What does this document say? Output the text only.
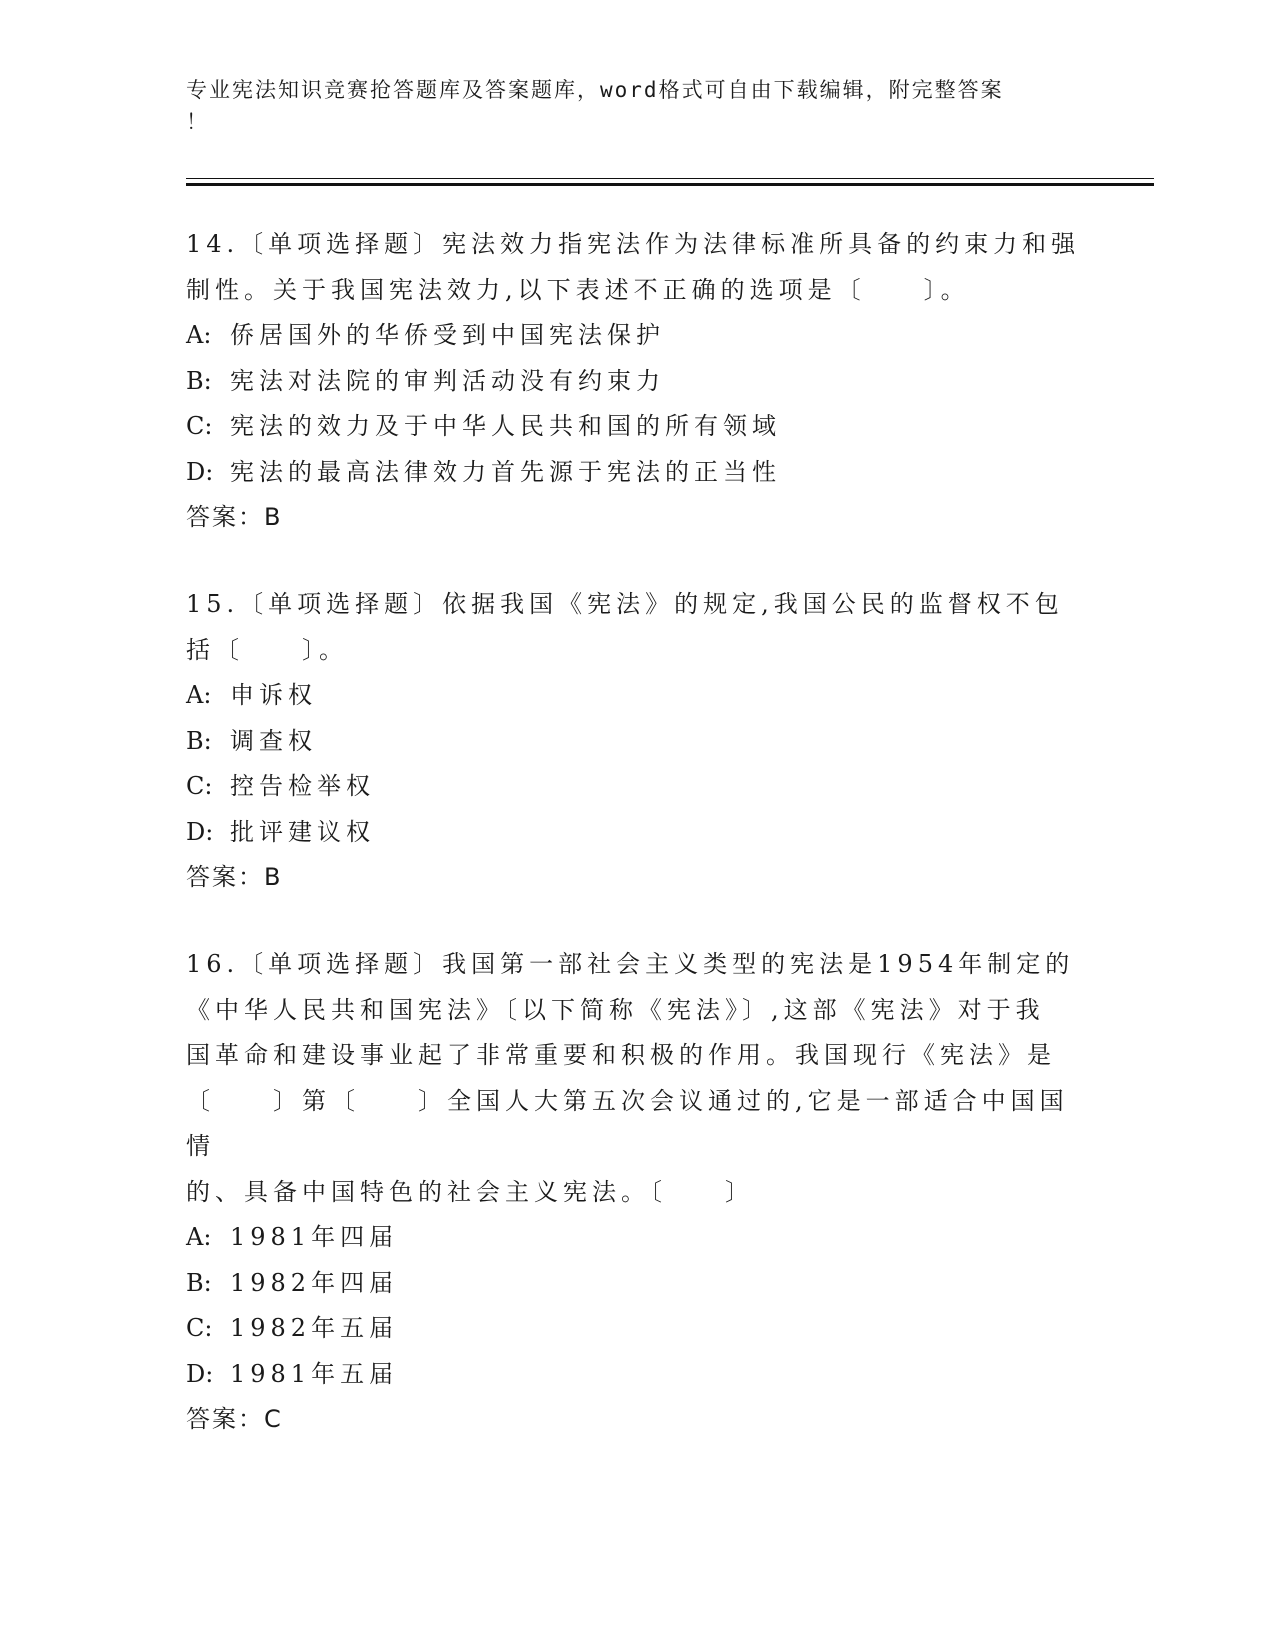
专业宪法知识竞赛抢答题库及答案题库，word格式可自由下载编辑，附完整答案
！
14.〔单项选择题〕宪法效力指宪法作为法律标准所具备的约束力和强
制性。关于我国宪法效力,以下表述不正确的选项是〔　　〕。
A: 侨居国外的华侨受到中国宪法保护
B: 宪法对法院的审判活动没有约束力
C: 宪法的效力及于中华人民共和国的所有领域
D: 宪法的最高法律效力首先源于宪法的正当性
答案：B
15.〔单项选择题〕依据我国《宪法》的规定,我国公民的监督权不包
括〔　　〕。
A: 申诉权
B: 调查权
C: 控告检举权
D: 批评建议权
答案：B
16.〔单项选择题〕我国第一部社会主义类型的宪法是1954年制定的
《中华人民共和国宪法》〔以下简称《宪法》〕,这部《宪法》对于我
国革命和建设事业起了非常重要和积极的作用。我国现行《宪法》是
〔　　〕第〔　　〕全国人大第五次会议通过的,它是一部适合中国国情
的、具备中国特色的社会主义宪法。〔　　〕
A: 1981年四届
B: 1982年四届
C: 1982年五届
D: 1981年五届
答案：C
